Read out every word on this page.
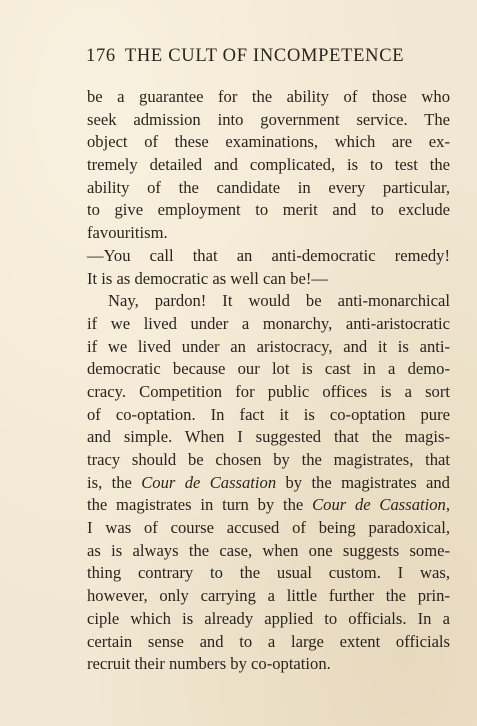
176 THE CULT OF INCOMPETENCE
be a guarantee for the ability of those who
seek admission into government service. The
object of these examinations, which are ex-
tremely detailed and complicated, is to test the
ability of the candidate in every particular,
to give employment to merit and to exclude
favouritism.
—You call that an anti-democratic remedy!
It is as democratic as well can be!—
Nay, pardon! It would be anti-monarchical
if we lived under a monarchy, anti-aristocratic
if we lived under an aristocracy, and it is anti-
democratic because our lot is cast in a demo-
cracy. Competition for public offices is a sort
of co-optation. In fact it is co-optation pure
and simple. When I suggested that the magis-
tracy should be chosen by the magistrates, that
is, the Cour de Cassation by the magistrates and
the magistrates in turn by the Cour de Cassation,
I was of course accused of being paradoxical,
as is always the case, when one suggests some-
thing contrary to the usual custom. I was,
however, only carrying a little further the prin-
ciple which is already applied to officials. In a
certain sense and to a large extent officials
recruit their numbers by co-optation.
